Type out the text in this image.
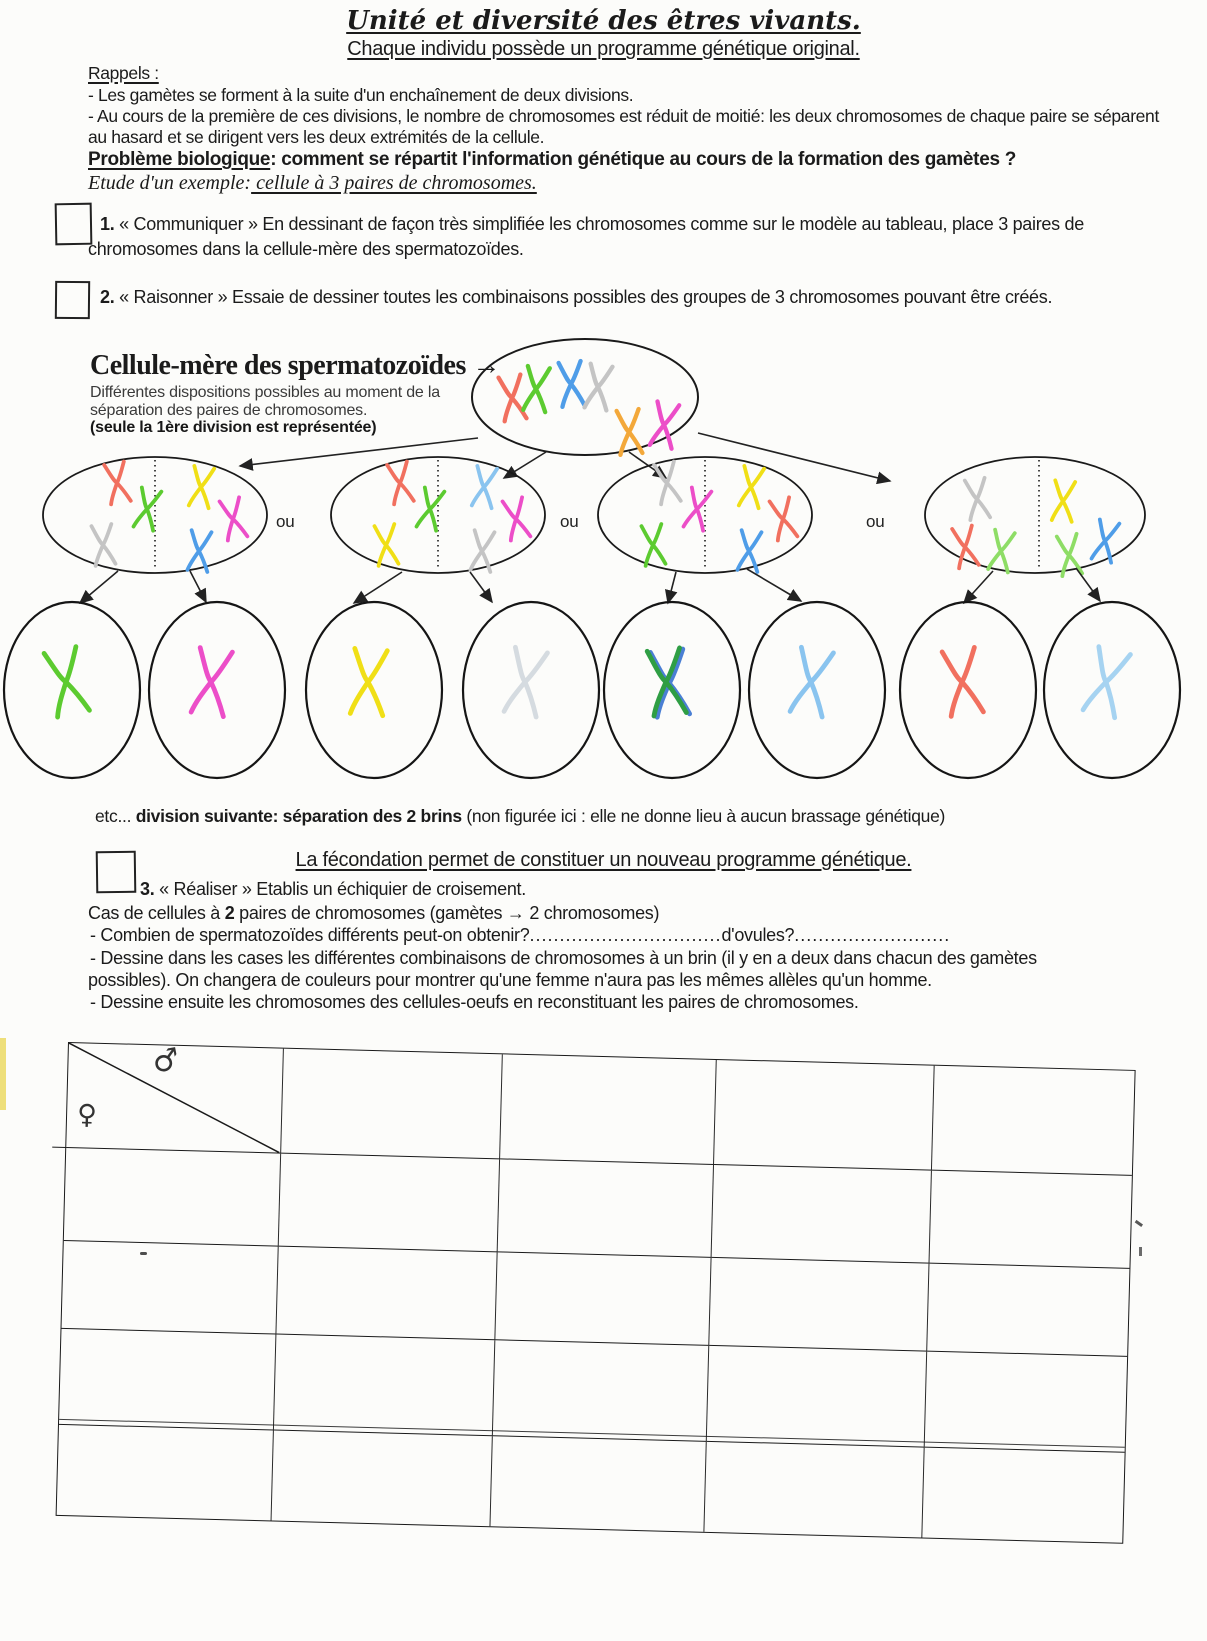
Unité et diversité des êtres vivants.
Chaque individu possède un programme génétique original.
Rappels :
- Les gamètes se forment à la suite d'un enchaînement de deux divisions.
- Au cours de la première de ces divisions, le nombre de chromosomes est réduit de moitié: les deux chromosomes de chaque paire se séparent
au hasard et se dirigent vers les deux extrémités de la cellule.
Problème biologique: comment se répartit l'information génétique au cours de la formation des gamètes ?
Etude d'un exemple: cellule à 3 paires de chromosomes.
1. « Communiquer » En dessinant de façon très simplifiée les chromosomes comme sur le modèle au tableau, place 3 paires de
chromosomes dans la cellule-mère des spermatozoïdes.
2. « Raisonner » Essaie de dessiner toutes les combinaisons possibles des groupes de 3 chromosomes pouvant être créés.
Cellule-mère des spermatozoïdes →
Différentes dispositions possibles au moment de la
séparation des paires de chromosomes.
(seule la 1ère division est représentée)
ou	ou	ou
etc... division suivante: séparation des 2 brins (non figurée ici : elle ne donne lieu à aucun brassage génétique)
La fécondation permet de constituer un nouveau programme génétique.
3. « Réaliser » Etablis un échiquier de croisement.
Cas de cellules à 2 paires de chromosomes (gamètes → 2 chromosomes)
- Combien de spermatozoïdes différents peut-on obtenir?................................d'ovules?..........................
- Dessine dans les cases les différentes combinaisons de chromosomes à un brin (il y en a deux dans chacun des gamètes
possibles). On changera de couleurs pour montrer qu'une femme n'aura pas les mêmes allèles qu'un homme.
- Dessine ensuite les chromosomes des cellules-oeufs en reconstituant les paires de chromosomes.
♂
♀
